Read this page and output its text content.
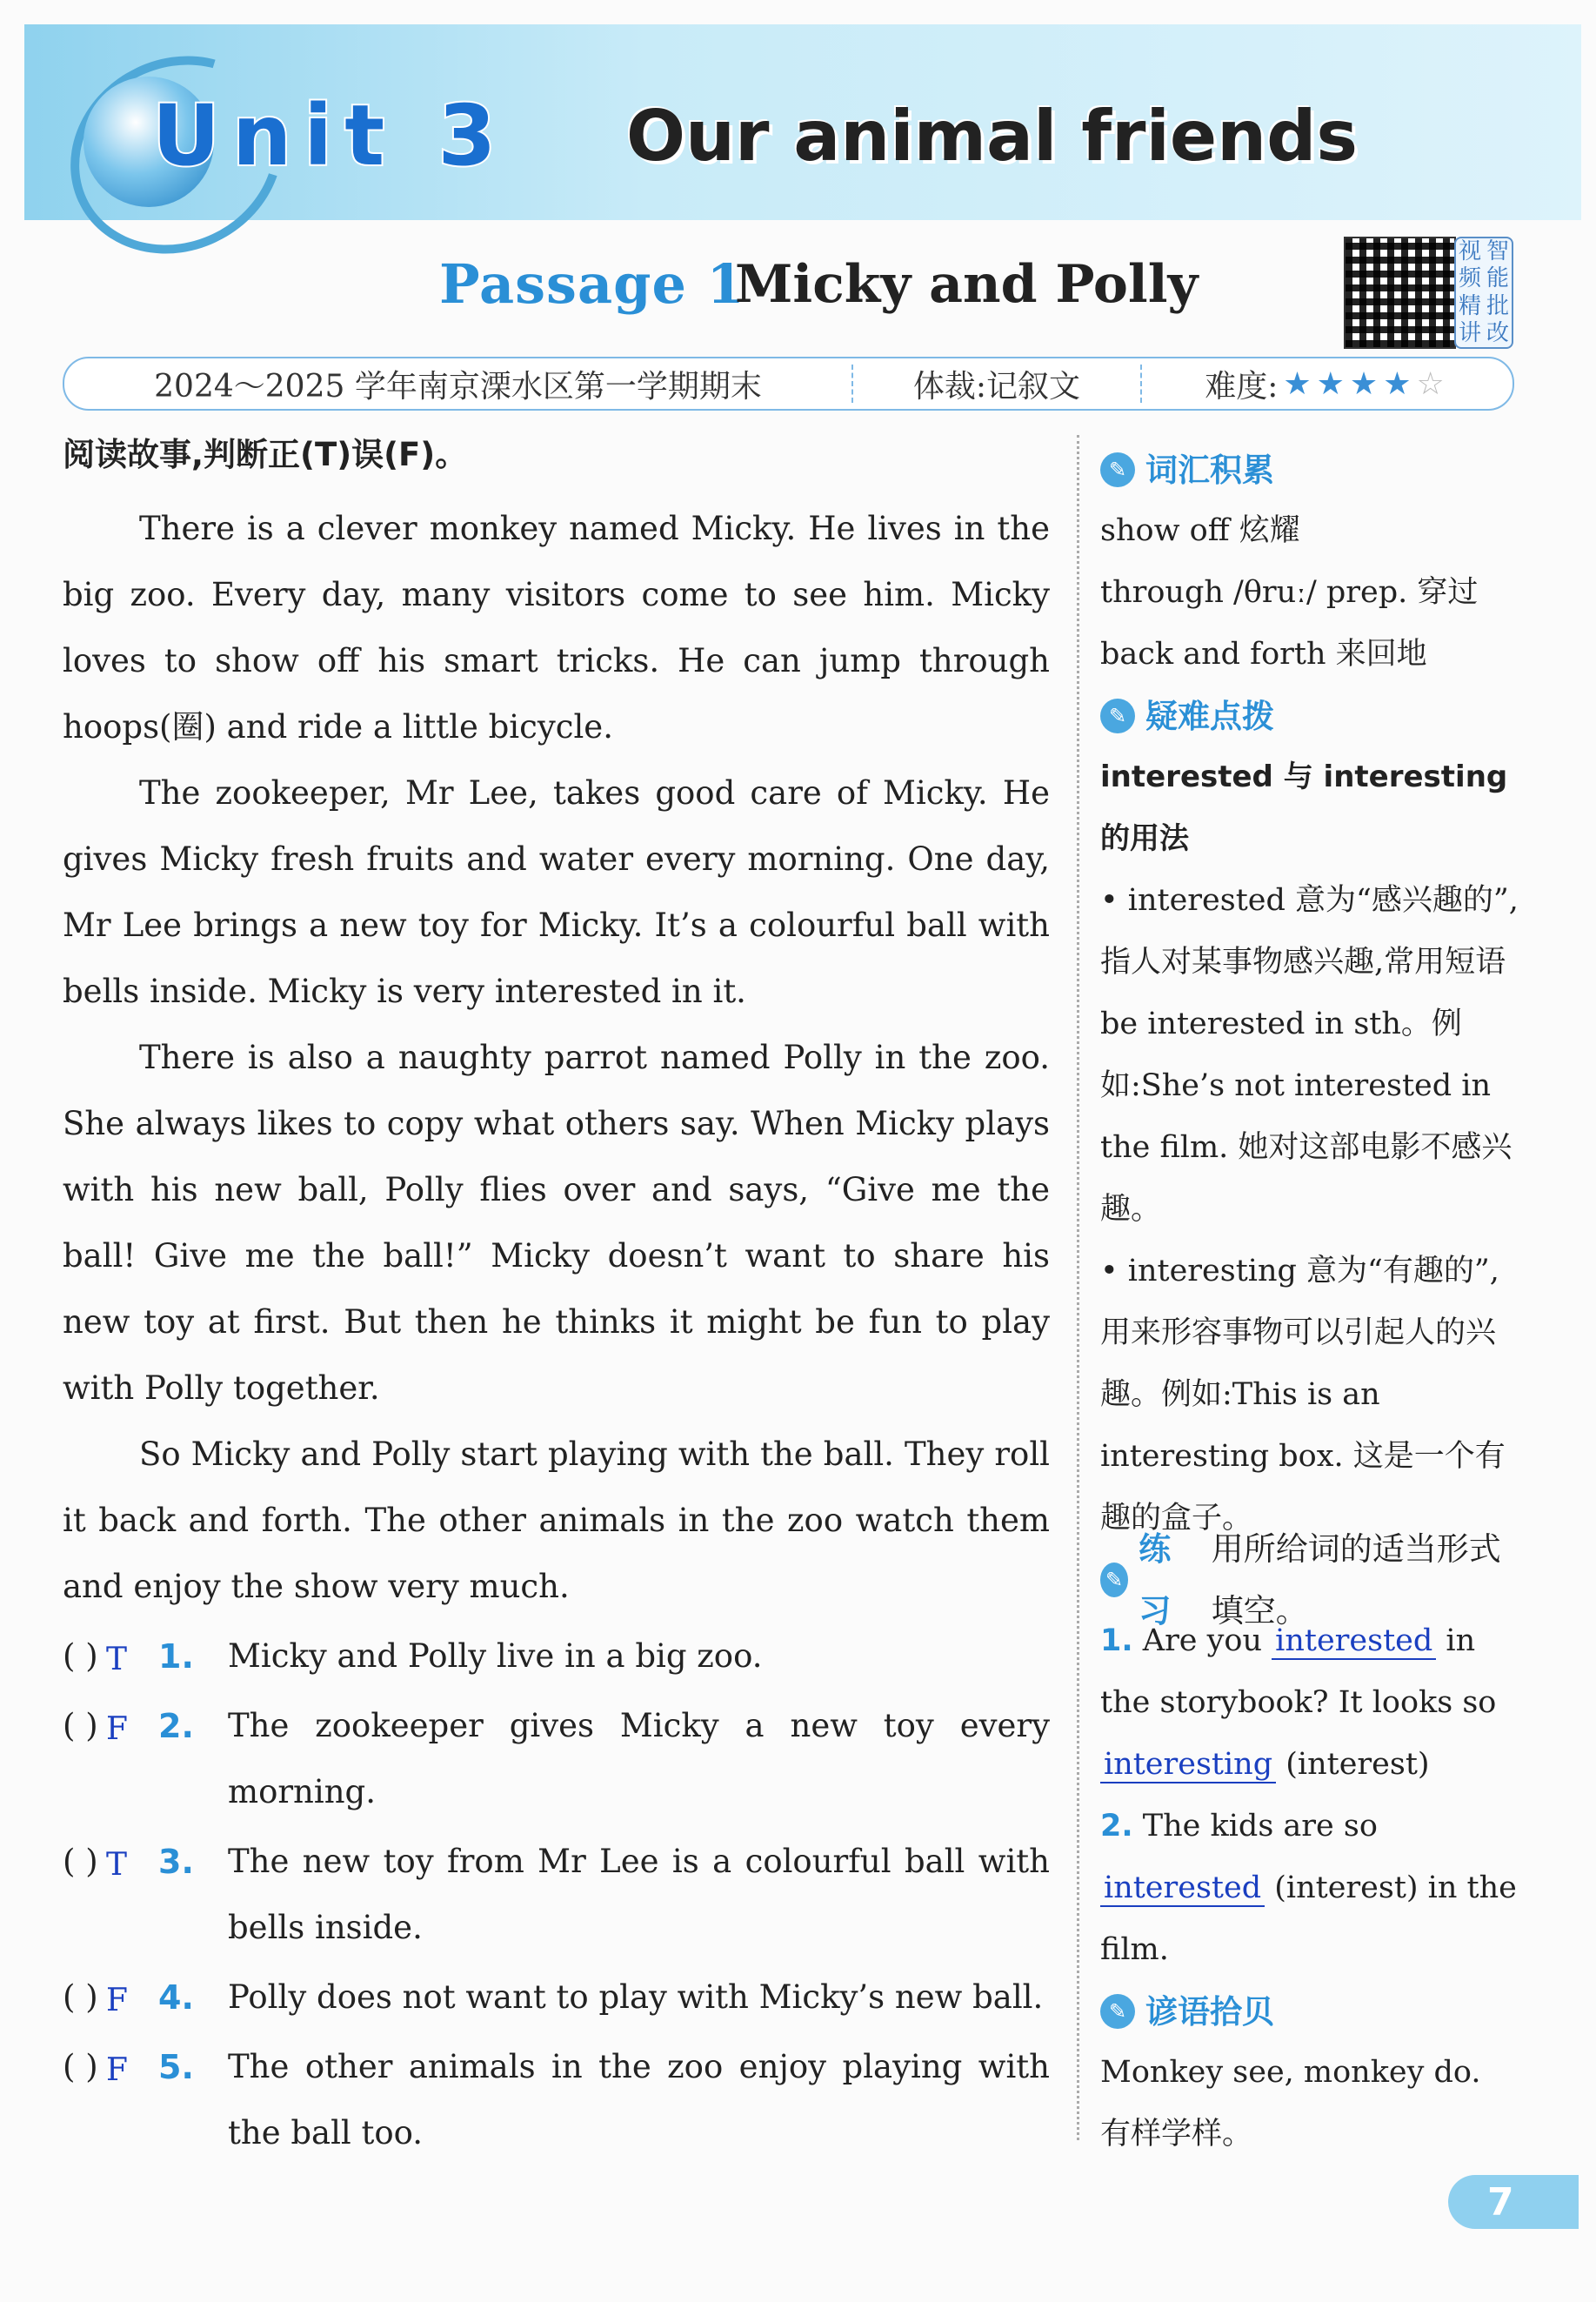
Unit 3 Our animal friends
Passage 1
Micky and Polly
视 智
频 能
精 批
讲 改
2024～2025 学年南京溧水区第一学期期末	体裁:记叙文	难度: ★ ★ ★ ★ ☆
阅读故事,判断正(T)误(F)。

There is a clever monkey named Micky. He lives in the big zoo. Every day, many visitors come to see him. Micky loves to show off his smart tricks. He can jump through hoops(圈) and ride a little bicycle.

The zookeeper, Mr Lee, takes good care of Micky. He gives Micky fresh fruits and water every morning. One day, Mr Lee brings a new toy for Micky. It’s a colourful ball with bells inside. Micky is very interested in it.

There is also a naughty parrot named Polly in the zoo. She always likes to copy what others say. When Micky plays with his new ball, Polly flies over and says, “Give me the ball! Give me the ball!” Micky doesn’t want to share his new toy at first. But then he thinks it might be fun to play with Polly together.

So Micky and Polly start playing with the ball. They roll it back and forth. The other animals in the zoo watch them and enjoy the show very much.

( ) T 1. Micky and Polly live in a big zoo.
( ) F 2. The zookeeper gives Micky a new toy every morning.
( ) T 3. The new toy from Mr Lee is a colourful ball with bells inside.
( ) F 4. Polly does not want to play with Micky’s new ball.
( ) F 5. The other animals in the zoo enjoy playing with the ball too.
✎ 词汇积累

show off 炫耀

through /θruː/ prep. 穿过

back and forth 来回地

✎ 疑难点拨

interested 与 interesting 的用法

• interested 意为“感兴趣的”,指人对某事物感兴趣,常用短语 be interested in sth。例如:She’s not interested in the film. 她对这部电影不感兴趣。

• interesting 意为“有趣的”,用来形容事物可以引起人的兴趣。例如:This is an interesting box. 这是一个有趣的盒子。

✎
练习
用所给词的适当形式填空。

1. Are you interested in the storybook? It looks so interesting (interest)

2. The kids are so interested (interest) in the film.

✎ 谚语拾贝

Monkey see, monkey do.

有样学样。

7
